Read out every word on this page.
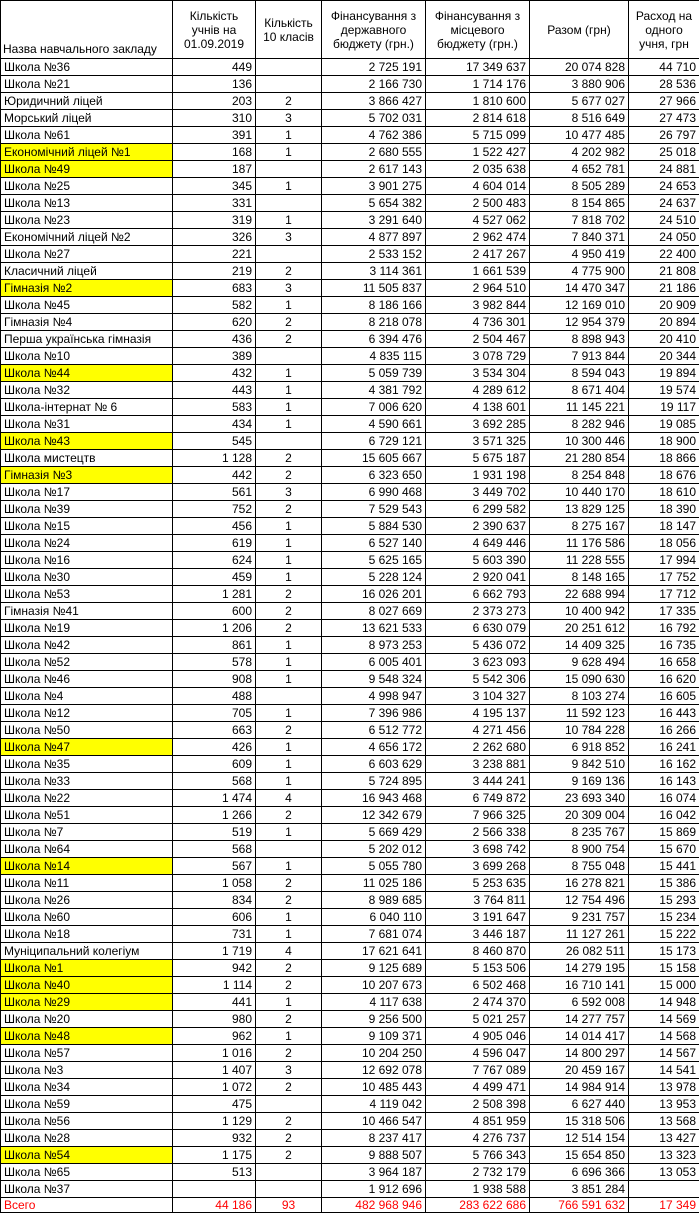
Назва навчального закладу	Кількість учнів на 01.09.2019	Кількість 10 класів	Фінансування з державного бюджету (грн.)	Фінансування з місцевого бюджету (грн.)	Разом (грн)	Расход на одного учня, грн
Школа №36	449		2 725 191	17 349 637	20 074 828	44 710
Школа №21	136		2 166 730	1 714 176	3 880 906	28 536
Юридичний ліцей	203	2	3 866 427	1 810 600	5 677 027	27 966
Морський ліцей	310	3	5 702 031	2 814 618	8 516 649	27 473
Школа №61	391	1	4 762 386	5 715 099	10 477 485	26 797
Економічний ліцей №1	168	1	2 680 555	1 522 427	4 202 982	25 018
Школа №49	187		2 617 143	2 035 638	4 652 781	24 881
Школа №25	345	1	3 901 275	4 604 014	8 505 289	24 653
Школа №13	331		5 654 382	2 500 483	8 154 865	24 637
Школа №23	319	1	3 291 640	4 527 062	7 818 702	24 510
Економічний ліцей №2	326	3	4 877 897	2 962 474	7 840 371	24 050
Школа №27	221		2 533 152	2 417 267	4 950 419	22 400
Класичний ліцей	219	2	3 114 361	1 661 539	4 775 900	21 808
Гімназія №2	683	3	11 505 837	2 964 510	14 470 347	21 186
Школа №45	582	1	8 186 166	3 982 844	12 169 010	20 909
Гімназія №4	620	2	8 218 078	4 736 301	12 954 379	20 894
Перша українська гімназія	436	2	6 394 476	2 504 467	8 898 943	20 410
Школа №10	389		4 835 115	3 078 729	7 913 844	20 344
Школа №44	432	1	5 059 739	3 534 304	8 594 043	19 894
Школа №32	443	1	4 381 792	4 289 612	8 671 404	19 574
Школа-інтернат № 6	583	1	7 006 620	4 138 601	11 145 221	19 117
Школа №31	434	1	4 590 661	3 692 285	8 282 946	19 085
Школа №43	545		6 729 121	3 571 325	10 300 446	18 900
Школа мистецтв	1 128	2	15 605 667	5 675 187	21 280 854	18 866
Гімназія №3	442	2	6 323 650	1 931 198	8 254 848	18 676
Школа №17	561	3	6 990 468	3 449 702	10 440 170	18 610
Школа №39	752	2	7 529 543	6 299 582	13 829 125	18 390
Школа №15	456	1	5 884 530	2 390 637	8 275 167	18 147
Школа №24	619	1	6 527 140	4 649 446	11 176 586	18 056
Школа №16	624	1	5 625 165	5 603 390	11 228 555	17 994
Школа №30	459	1	5 228 124	2 920 041	8 148 165	17 752
Школа №53	1 281	2	16 026 201	6 662 793	22 688 994	17 712
Гімназія №41	600	2	8 027 669	2 373 273	10 400 942	17 335
Школа №19	1 206	2	13 621 533	6 630 079	20 251 612	16 792
Школа №42	861	1	8 973 253	5 436 072	14 409 325	16 735
Школа №52	578	1	6 005 401	3 623 093	9 628 494	16 658
Школа №46	908	1	9 548 324	5 542 306	15 090 630	16 620
Школа №4	488		4 998 947	3 104 327	8 103 274	16 605
Школа №12	705	1	7 396 986	4 195 137	11 592 123	16 443
Школа №50	663	2	6 512 772	4 271 456	10 784 228	16 266
Школа №47	426	1	4 656 172	2 262 680	6 918 852	16 241
Школа №35	609	1	6 603 629	3 238 881	9 842 510	16 162
Школа №33	568	1	5 724 895	3 444 241	9 169 136	16 143
Школа №22	1 474	4	16 943 468	6 749 872	23 693 340	16 074
Школа №51	1 266	2	12 342 679	7 966 325	20 309 004	16 042
Школа №7	519	1	5 669 429	2 566 338	8 235 767	15 869
Школа №64	568		5 202 012	3 698 742	8 900 754	15 670
Школа №14	567	1	5 055 780	3 699 268	8 755 048	15 441
Школа №11	1 058	2	11 025 186	5 253 635	16 278 821	15 386
Школа №26	834	2	8 989 685	3 764 811	12 754 496	15 293
Школа №60	606	1	6 040 110	3 191 647	9 231 757	15 234
Школа №18	731	1	7 681 074	3 446 187	11 127 261	15 222
Муніципальний колегіум	1 719	4	17 621 641	8 460 870	26 082 511	15 173
Школа №1	942	2	9 125 689	5 153 506	14 279 195	15 158
Школа №40	1 114	2	10 207 673	6 502 468	16 710 141	15 000
Школа №29	441	1	4 117 638	2 474 370	6 592 008	14 948
Школа №20	980	2	9 256 500	5 021 257	14 277 757	14 569
Школа №48	962	1	9 109 371	4 905 046	14 014 417	14 568
Школа №57	1 016	2	10 204 250	4 596 047	14 800 297	14 567
Школа №3	1 407	3	12 692 078	7 767 089	20 459 167	14 541
Школа №34	1 072	2	10 485 443	4 499 471	14 984 914	13 978
Школа №59	475		4 119 042	2 508 398	6 627 440	13 953
Школа №56	1 129	2	10 466 547	4 851 959	15 318 506	13 568
Школа №28	932	2	8 237 417	4 276 737	12 514 154	13 427
Школа №54	1 175	2	9 888 507	5 766 343	15 654 850	13 323
Школа №65	513		3 964 187	2 732 179	6 696 366	13 053
Школа №37			1 912 696	1 938 588	3 851 284	
Всего	44 186	93	482 968 946	283 622 686	766 591 632	17 349
